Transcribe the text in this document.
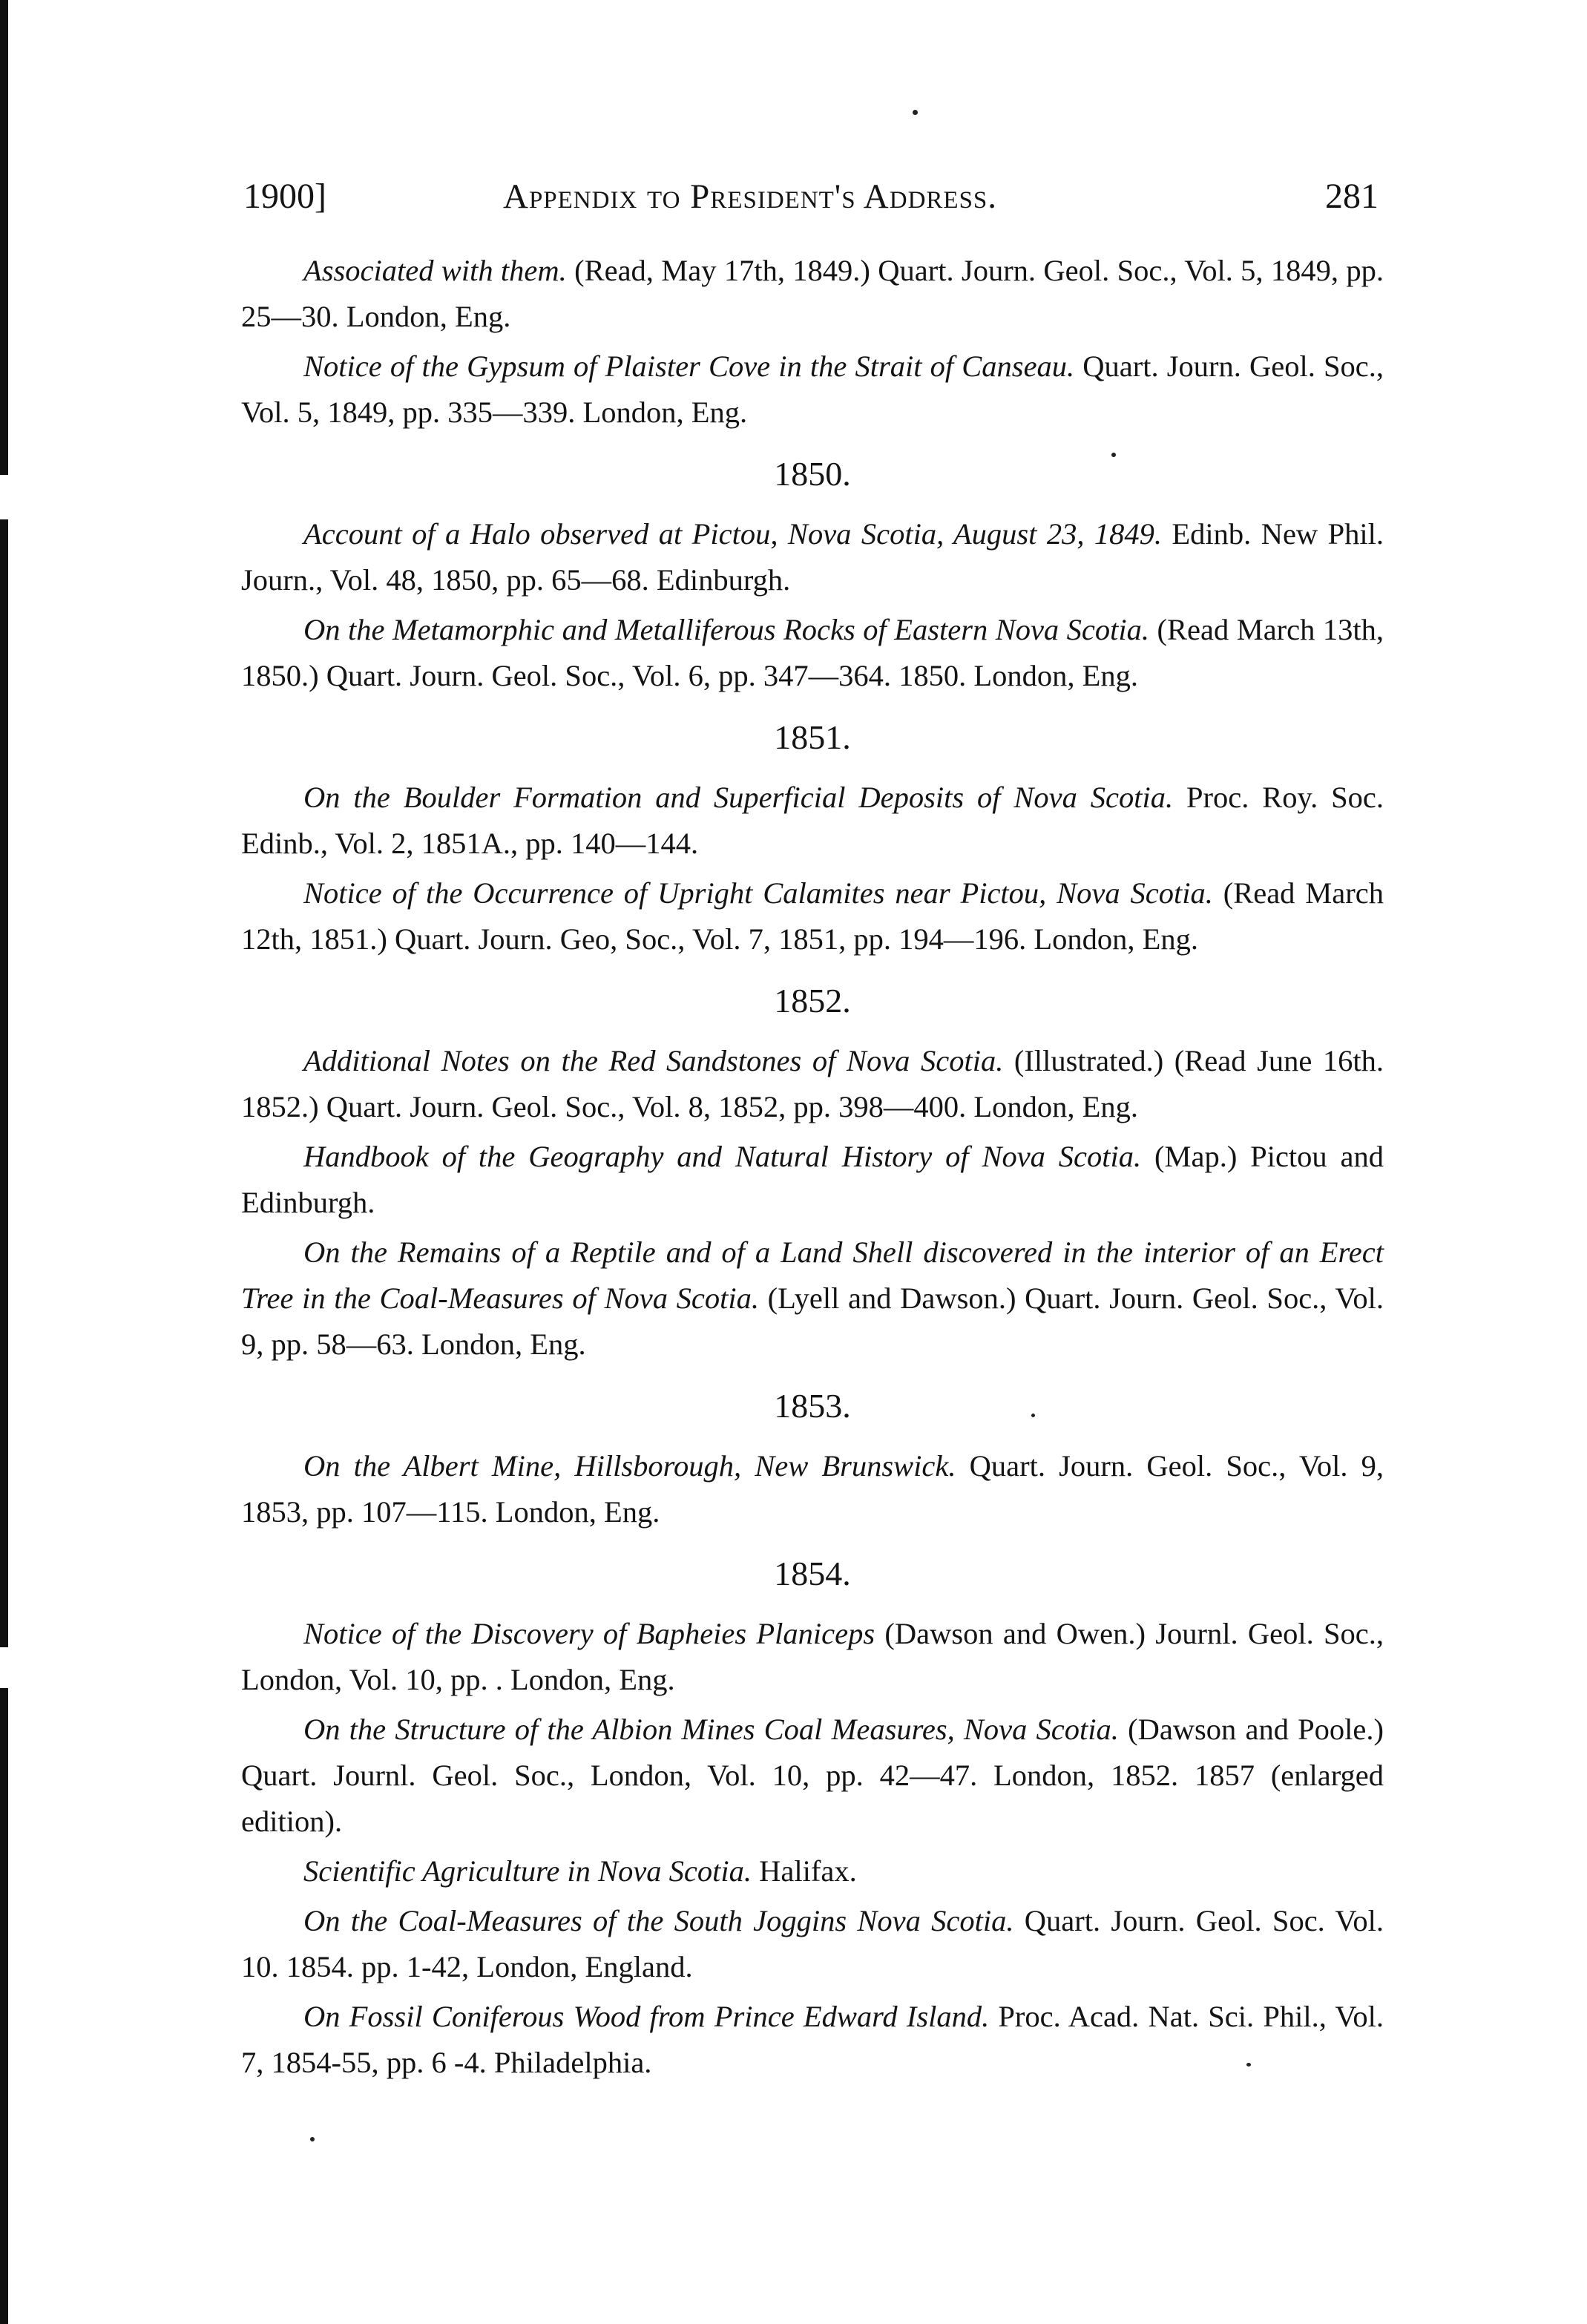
1900]	Appendix to President's Address.	281

Associated with them. (Read, May 17th, 1849.) Quart. Journ. Geol. Soc., Vol. 5, 1849, pp. 25—30. London, Eng.

Notice of the Gypsum of Plaister Cove in the Strait of Canseau. Quart. Journ. Geol. Soc., Vol. 5, 1849, pp. 335—339. London, Eng.

1850.

Account of a Halo observed at Pictou, Nova Scotia, August 23, 1849. Edinb. New Phil. Journ., Vol. 48, 1850, pp. 65—68. Edinburgh.

On the Metamorphic and Metalliferous Rocks of Eastern Nova Scotia. (Read March 13th, 1850.) Quart. Journ. Geol. Soc., Vol. 6, pp. 347—364. 1850. London, Eng.

1851.

On the Boulder Formation and Superficial Deposits of Nova Scotia. Proc. Roy. Soc. Edinb., Vol. 2, 1851A., pp. 140—144.

Notice of the Occurrence of Upright Calamites near Pictou, Nova Scotia. (Read March 12th, 1851.) Quart. Journ. Geo, Soc., Vol. 7, 1851, pp. 194—196. London, Eng.

1852.

Additional Notes on the Red Sandstones of Nova Scotia. (Illustrated.) (Read June 16th. 1852.) Quart. Journ. Geol. Soc., Vol. 8, 1852, pp. 398—400. London, Eng.

Handbook of the Geography and Natural History of Nova Scotia. (Map.) Pictou and Edinburgh.

On the Remains of a Reptile and of a Land Shell discovered in the interior of an Erect Tree in the Coal-Measures of Nova Scotia. (Lyell and Dawson.) Quart. Journ. Geol. Soc., Vol. 9, pp. 58—63. London, Eng.

1853.

On the Albert Mine, Hillsborough, New Brunswick. Quart. Journ. Geol. Soc., Vol. 9, 1853, pp. 107—115. London, Eng.

1854.

Notice of the Discovery of Bapheies Planiceps (Dawson and Owen.) Journl. Geol. Soc., London, Vol. 10, pp. . London, Eng.

On the Structure of the Albion Mines Coal Measures, Nova Scotia. (Dawson and Poole.) Quart. Journl. Geol. Soc., London, Vol. 10, pp. 42—47. London, 1852. 1857 (enlarged edition).

Scientific Agriculture in Nova Scotia. Halifax.

On the Coal-Measures of the South Joggins Nova Scotia. Quart. Journ. Geol. Soc. Vol. 10. 1854. pp. 1-42, London, England.

On Fossil Coniferous Wood from Prince Edward Island. Proc. Acad. Nat. Sci. Phil., Vol. 7, 1854-55, pp. 6 -4. Philadelphia.
